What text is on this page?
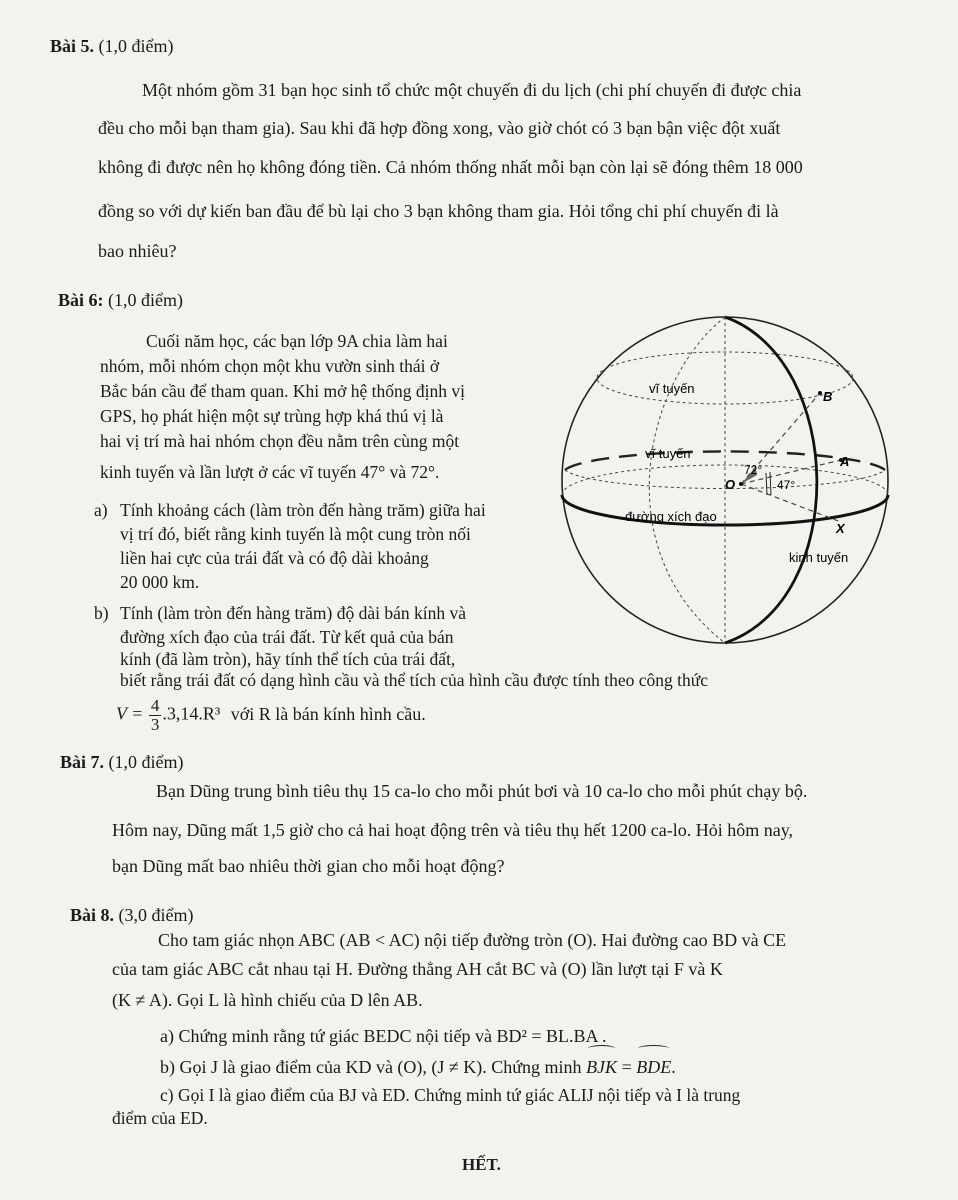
Bài 5. (1,0 điểm)
Một nhóm gồm 31 bạn học sinh tổ chức một chuyến đi du lịch (chi phí chuyến đi được chia
đều cho mỗi bạn tham gia). Sau khi đã hợp đồng xong, vào giờ chót có 3 bạn bận việc đột xuất
không đi được nên họ không đóng tiền. Cả nhóm thống nhất mỗi bạn còn lại sẽ đóng thêm 18 000
đồng so với dự kiến ban đầu để bù lại cho 3 bạn không tham gia. Hỏi tổng chi phí chuyến đi là
bao nhiêu?
Bài 6: (1,0 điểm)
Cuối năm học, các bạn lớp 9A chia làm hai
nhóm, mỗi nhóm chọn một khu vườn sinh thái ở
Bắc bán cầu để tham quan. Khi mở hệ thống định vị
GPS, họ phát hiện một sự trùng hợp khá thú vị là
hai vị trí mà hai nhóm chọn đều nằm trên cùng một
kinh tuyến và lần lượt ở các vĩ tuyến 47° và 72°.
a) Tính khoảng cách (làm tròn đến hàng trăm) giữa hai
vị trí đó, biết rằng kinh tuyến là một cung tròn nối
liền hai cực của trái đất và có độ dài khoảng
20 000 km.
b) Tính (làm tròn đến hàng trăm) độ dài bán kính và
đường xích đạo của trái đất. Từ kết quả của bán
kính (đã làm tròn), hãy tính thể tích của trái đất,
biết rằng trái đất có dạng hình cầu và thể tích của hình cầu được tính theo công thức
$V = \frac{4}{3} .3,14.R^3$ với R là bán kính hình cầu.
vĩ tuyến
vĩ tuyến
đường xích đạo
kinh tuyến
B
A
X
O
72°
47°
Bài 7. (1,0 điểm)
Bạn Dũng trung bình tiêu thụ 15 ca-lo cho mỗi phút bơi và 10 ca-lo cho mỗi phút chạy bộ.
Hôm nay, Dũng mất 1,5 giờ cho cả hai hoạt động trên và tiêu thụ hết 1200 ca-lo. Hỏi hôm nay,
bạn Dũng mất bao nhiêu thời gian cho mỗi hoạt động?
Bài 8. (3,0 điểm)
Cho tam giác nhọn ABC (AB < AC) nội tiếp đường tròn (O). Hai đường cao BD và CE
của tam giác ABC cắt nhau tại H. Đường thẳng AH cắt BC và (O) lần lượt tại F và K
(K ≠ A). Gọi L là hình chiếu của D lên AB.
a) Chứng minh rằng tứ giác BEDC nội tiếp và BD² = BL.BA .
b) Gọi J là giao điểm của KD và (O), (J ≠ K). Chứng minh BJK = BDE.
c) Gọi I là giao điểm của BJ và ED. Chứng minh tứ giác ALIJ nội tiếp và I là trung
điểm của ED.
HẾT.
